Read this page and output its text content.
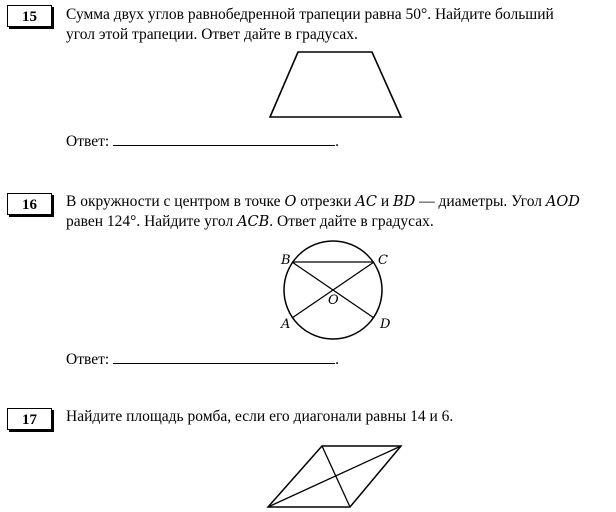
15	Сумма двух углов равнобедренной трапеции равна 50°. Найдите больший
угол этой трапеции. Ответ дайте в градусах.
Ответ:	.
16	В окружности с центром в точке O отрезки AC и BD — диаметры. Угол AOD
равен 124°. Найдите угол ACB. Ответ дайте в градусах.
B	C
A	D
O
Ответ:	.
17	Найдите площадь ромба, если его диагонали равны 14 и 6.
